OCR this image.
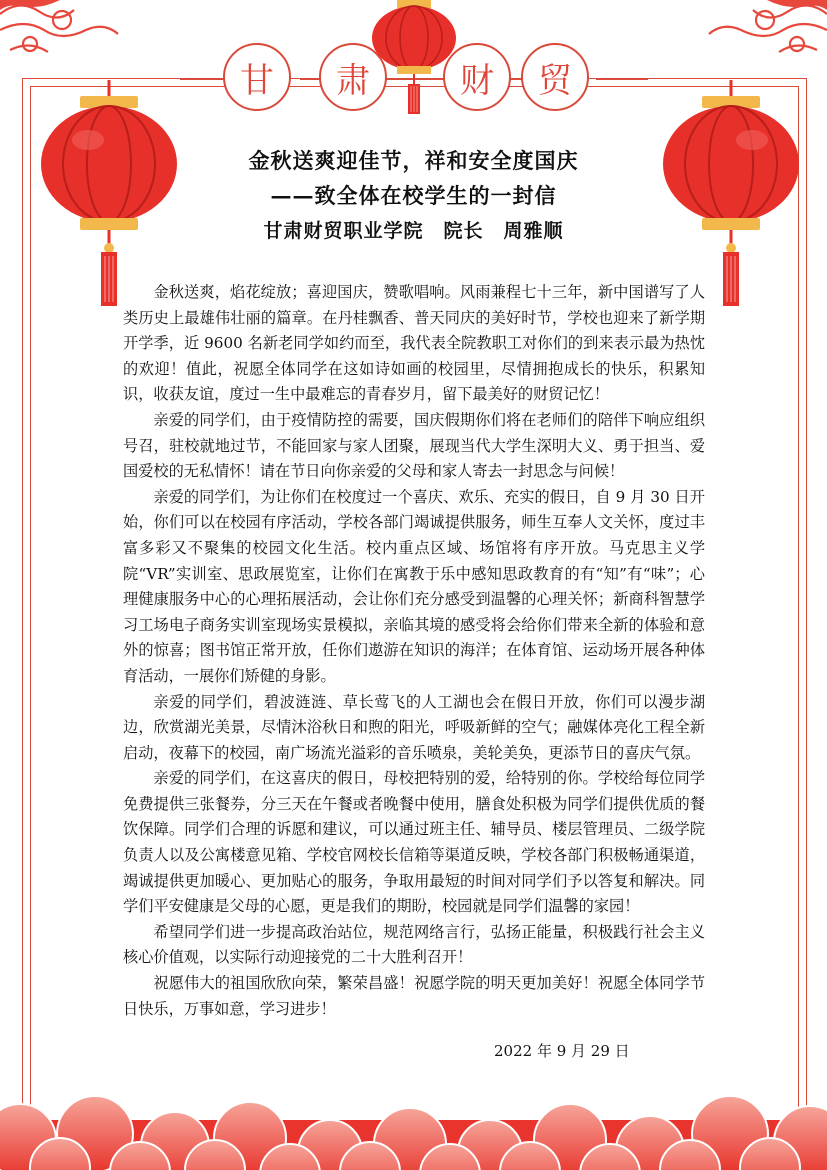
甘	肃	财	贸
金秋送爽迎佳节，祥和安全度国庆
——致全体在校学生的一封信
甘肃财贸职业学院　院长　周雅顺

金秋送爽，焰花绽放；喜迎国庆，赞歌唱响。风雨兼程七十三年，新中国谱写了人类历史上最雄伟壮丽的篇章。在丹桂飘香、普天同庆的美好时节，学校也迎来了新学期开学季，近 9600 名新老同学如约而至，我代表全院教职工对你们的到来表示最为热忱的欢迎！值此，祝愿全体同学在这如诗如画的校园里，尽情拥抱成长的快乐，积累知识，收获友谊，度过一生中最难忘的青春岁月，留下最美好的财贸记忆！

亲爱的同学们，由于疫情防控的需要，国庆假期你们将在老师们的陪伴下响应组织号召，驻校就地过节，不能回家与家人团聚，展现当代大学生深明大义、勇于担当、爱国爱校的无私情怀！请在节日向你亲爱的父母和家人寄去一封思念与问候！

亲爱的同学们，为让你们在校度过一个喜庆、欢乐、充实的假日，自 9 月 30 日开始，你们可以在校园有序活动，学校各部门竭诚提供服务，师生互奉人文关怀，度过丰富多彩又不聚集的校园文化生活。校内重点区域、场馆将有序开放。马克思主义学院“VR”实训室、思政展览室，让你们在寓教于乐中感知思政教育的有“知”有“味”；心理健康服务中心的心理拓展活动，会让你们充分感受到温馨的心理关怀；新商科智慧学习工场电子商务实训室现场实景模拟，亲临其境的感受将会给你们带来全新的体验和意外的惊喜；图书馆正常开放，任你们遨游在知识的海洋；在体育馆、运动场开展各种体育活动，一展你们矫健的身影。

亲爱的同学们，碧波涟涟、草长莺飞的人工湖也会在假日开放，你们可以漫步湖边，欣赏湖光美景，尽情沐浴秋日和煦的阳光，呼吸新鲜的空气；融媒体亮化工程全新启动，夜幕下的校园，南广场流光溢彩的音乐喷泉，美轮美奂，更添节日的喜庆气氛。

亲爱的同学们，在这喜庆的假日，母校把特别的爱，给特别的你。学校给每位同学免费提供三张餐券，分三天在午餐或者晚餐中使用，膳食处积极为同学们提供优质的餐饮保障。同学们合理的诉愿和建议，可以通过班主任、辅导员、楼层管理员、二级学院负责人以及公寓楼意见箱、学校官网校长信箱等渠道反映，学校各部门积极畅通渠道，竭诚提供更加暖心、更加贴心的服务，争取用最短的时间对同学们予以答复和解决。同学们平安健康是父母的心愿，更是我们的期盼，校园就是同学们温馨的家园！

希望同学们进一步提高政治站位，规范网络言行，弘扬正能量，积极践行社会主义核心价值观，以实际行动迎接党的二十大胜利召开！

祝愿伟大的祖国欣欣向荣，繁荣昌盛！祝愿学院的明天更加美好！祝愿全体同学节日快乐，万事如意，学习进步！

2022 年 9 月 29 日
